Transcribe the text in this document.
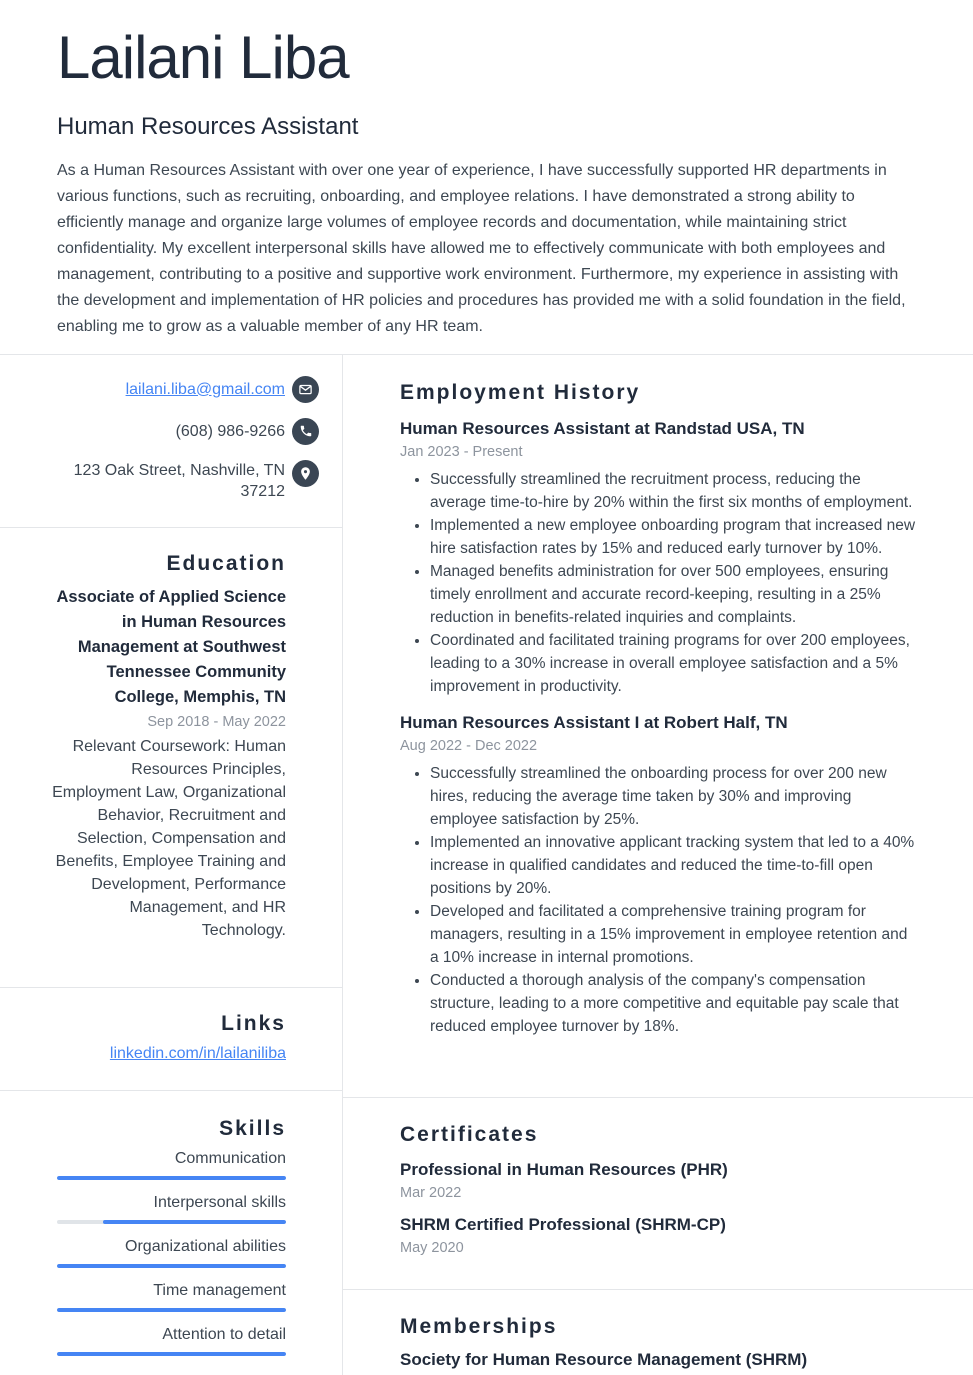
Lailani Liba
Human Resources Assistant

As a Human Resources Assistant with over one year of experience, I have successfully supported HR departments in various functions, such as recruiting, onboarding, and employee relations. I have demonstrated a strong ability to efficiently manage and organize large volumes of employee records and documentation, while maintaining strict confidentiality. My excellent interpersonal skills have allowed me to effectively communicate with both employees and management, contributing to a positive and supportive work environment. Furthermore, my experience in assisting with the development and implementation of HR policies and procedures has provided me with a solid foundation in the field, enabling me to grow as a valuable member of any HR team.

lailani.liba@gmail.com
(608) 986-9266
123 Oak Street, Nashville, TN
37212
Education
Associate of Applied Science in Human Resources Management at Southwest Tennessee Community College, Memphis, TN
Sep 2018 - May 2022
Relevant Coursework: Human Resources Principles, Employment Law, Organizational Behavior, Recruitment and Selection, Compensation and Benefits, Employee Training and Development, Performance Management, and HR Technology.
Links
linkedin.com/in/lailaniliba
Skills
Communication
Interpersonal skills
Organizational abilities
Time management
Attention to detail
Employment History
Human Resources Assistant at Randstad USA, TN
Jan 2023 - Present
• Successfully streamlined the recruitment process, reducing the average time-to-hire by 20% within the first six months of employment.
• Implemented a new employee onboarding program that increased new hire satisfaction rates by 15% and reduced early turnover by 10%.
• Managed benefits administration for over 500 employees, ensuring timely enrollment and accurate record-keeping, resulting in a 25% reduction in benefits-related inquiries and complaints.
• Coordinated and facilitated training programs for over 200 employees, leading to a 30% increase in overall employee satisfaction and a 5% improvement in productivity.
Human Resources Assistant I at Robert Half, TN
Aug 2022 - Dec 2022
• Successfully streamlined the onboarding process for over 200 new hires, reducing the average time taken by 30% and improving employee satisfaction by 25%.
• Implemented an innovative applicant tracking system that led to a 40% increase in qualified candidates and reduced the time-to-fill open positions by 20%.
• Developed and facilitated a comprehensive training program for managers, resulting in a 15% improvement in employee retention and a 10% increase in internal promotions.
• Conducted a thorough analysis of the company's compensation structure, leading to a more competitive and equitable pay scale that reduced employee turnover by 18%.
Certificates
Professional in Human Resources (PHR)
Mar 2022
SHRM Certified Professional (SHRM-CP)
May 2020
Memberships
Society for Human Resource Management (SHRM)
